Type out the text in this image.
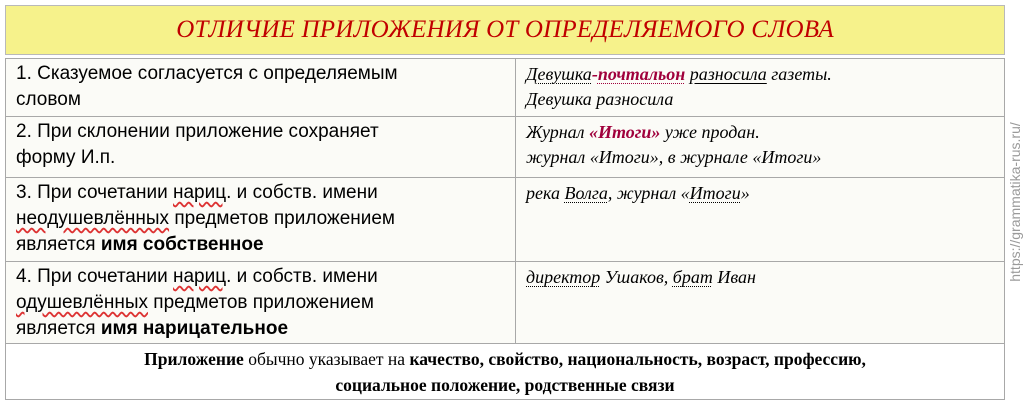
ОТЛИЧИЕ ПРИЛОЖЕНИЯ ОТ ОПРЕДЕЛЯЕМОГО СЛОВА
1. Сказуемое согласуется с определяемым
словом
Девушка-почтальон разносила газеты.
Девушка разносила
2. При склонении приложение сохраняет
форму И.п.
Журнал «Итоги» уже продан.
журнал «Итоги», в журнале «Итоги»
3. При сочетании нариц. и собств. имени
неодушевлённых предметов приложением
является имя собственное
река Волга, журнал «Итоги»
4. При сочетании нариц. и собств. имени
одушевлённых предметов приложением
является имя нарицательное
директор Ушаков, брат Иван
Приложение обычно указывает на качество, свойство, национальность, возраст, профессию,
социальное положение, родственные связи
https://grammatika-rus.ru/
